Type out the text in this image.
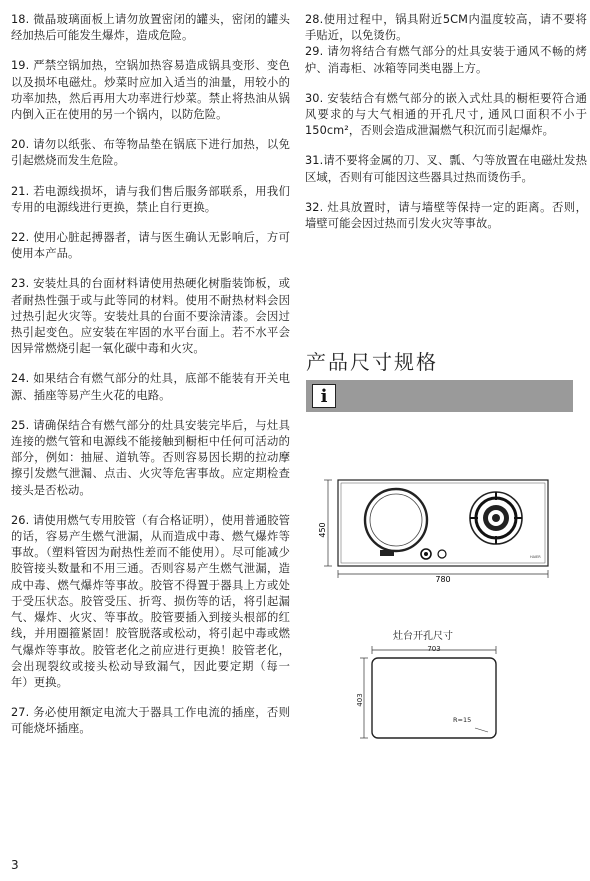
18. 微晶玻璃面板上请勿放置密闭的罐头，密闭的罐头经加热后可能发生爆炸，造成危险。

19. 严禁空锅加热，空锅加热容易造成锅具变形、变色以及损坏电磁灶。炒菜时应加入适当的油量，用较小的功率加热，然后再用大功率进行炒菜。禁止将热油从锅内倒入正在使用的另一个锅内，以防危险。

20. 请勿以纸张、布等物品垫在锅底下进行加热，以免引起燃烧而发生危险。

21. 若电源线损坏，请与我们售后服务部联系，用我们专用的电源线进行更换，禁止自行更换。

22. 使用心脏起搏器者，请与医生确认无影响后，方可使用本产品。

23. 安装灶具的台面材料请使用热硬化树脂装饰板，或者耐热性强于或与此等同的材料。使用不耐热材料会因过热引起火灾等。安装灶具的台面不要涂清漆。会因过热引起变色。应安装在牢固的水平台面上。若不水平会因异常燃烧引起一氧化碳中毒和火灾。

24. 如果结合有燃气部分的灶具，底部不能装有开关电源、插座等易产生火花的电路。

25. 请确保结合有燃气部分的灶具安装完毕后，与灶具连接的燃气管和电源线不能接触到橱柜中任何可活动的部分，例如：抽屉、道轨等。否则容易因长期的拉动摩擦引发燃气泄漏、点击、火灾等危害事故。应定期检查接头是否松动。

26. 请使用燃气专用胶管（有合格证明），使用普通胶管的话，容易产生燃气泄漏，从而造成中毒、燃气爆炸等事故。（塑料管因为耐热性差而不能使用）。尽可能减少胶管接头数量和不用三通。否则容易产生燃气泄漏，造成中毒、燃气爆炸等事故。胶管不得置于器具上方或处于受压状态。胶管受压、折弯、损伤等的话，将引起漏气、爆炸、火灾、等事故。胶管要插入到接头根部的红线，并用圈箍紧固！胶管脱落或松动，将引起中毒或燃气爆炸等事故。胶管老化之前应进行更换！胶管老化，会出现裂纹或接头松动导致漏气，因此要定期（每一年）更换。

27. 务必使用额定电流大于器具工作电流的插座，否则可能烧坏插座。

28.使用过程中，锅具附近5CM内温度较高，请不要将手贴近，以免烫伤。

29. 请勿将结合有燃气部分的灶具安装于通风不畅的烤炉、消毒柜、冰箱等同类电器上方。

30. 安装结合有燃气部分的嵌入式灶具的橱柜要符合通风要求的与大气相通的开孔尺寸, 通风口面积不小于150cm²，否则会造成泄漏燃气积沉而引起爆炸。

31.请不要将金属的刀、叉、瓢、勺等放置在电磁灶发热区域，否则有可能因这些器具过热而烫伤手。

32. 灶具放置时，请与墙壁等保持一定的距离。否则，墙壁可能会因过热而引发火灾等事故。

产品尺寸规格
i
450
HAIER
780
灶台开孔尺寸
703
403
R=15
3
